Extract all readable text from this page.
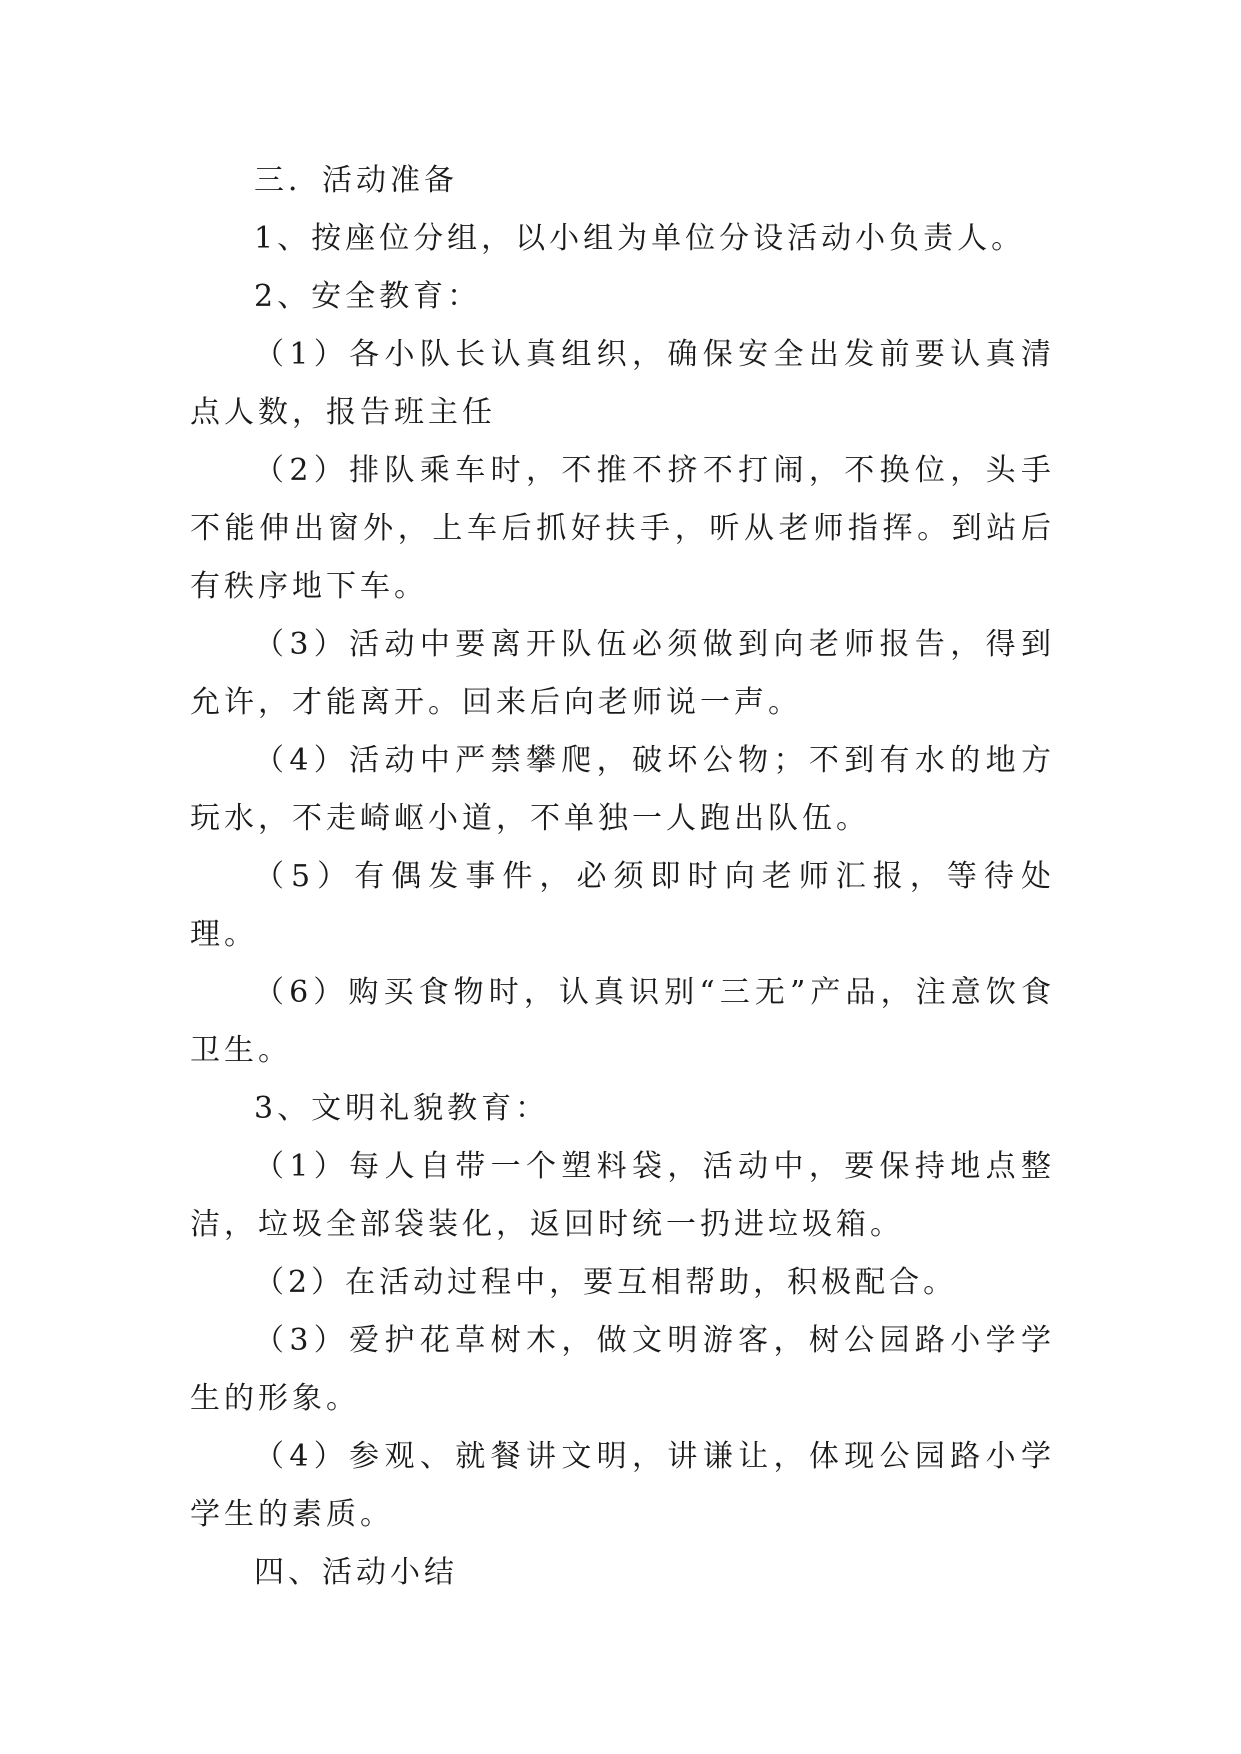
三．活动准备

1、按座位分组，以小组为单位分设活动小负责人。

2、安全教育：

（1）各小队长认真组织，确保安全出发前要认真清点人数，报告班主任

（2）排队乘车时，不推不挤不打闹，不换位，头手不能伸出窗外，上车后抓好扶手，听从老师指挥。到站后有秩序地下车。

（3）活动中要离开队伍必须做到向老师报告，得到允许，才能离开。回来后向老师说一声。

（4）活动中严禁攀爬，破坏公物；不到有水的地方玩水，不走崎岖小道，不单独一人跑出队伍。

（5）有偶发事件，必须即时向老师汇报，等待处理。

（6）购买食物时，认真识别“三无”产品，注意饮食卫生。

3、文明礼貌教育：

（1）每人自带一个塑料袋，活动中，要保持地点整洁，垃圾全部袋装化，返回时统一扔进垃圾箱。

（2）在活动过程中，要互相帮助，积极配合。

（3）爱护花草树木，做文明游客，树公园路小学学生的形象。

（4）参观、就餐讲文明，讲谦让，体现公园路小学学生的素质。

四、活动小结
